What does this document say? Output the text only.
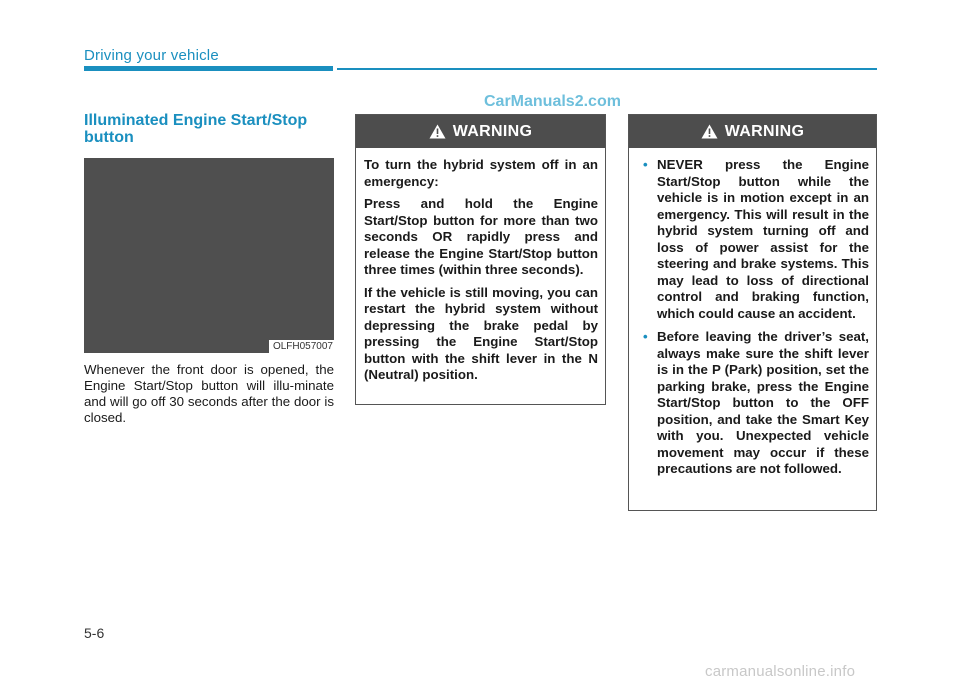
Driving your vehicle
CarManuals2.com
Illuminated Engine Start/Stop button
OLFH057007
Whenever the front door is opened, the Engine Start/Stop button will illu-minate and will go off 30 seconds after the door is closed.
WARNING

To turn the hybrid system off in an emergency:

Press and hold the Engine Start/Stop button for more than two seconds OR rapidly press and release the Engine Start/Stop button three times (within three seconds).

If the vehicle is still moving, you can restart the hybrid system without depressing the brake pedal by pressing the Engine Start/Stop button with the shift lever in the N (Neutral) position.

WARNING
• NEVER press the Engine Start/Stop button while the vehicle is in motion except in an emergency. This will result in the hybrid system turning off and loss of power assist for the steering and brake systems. This may lead to loss of directional control and braking function, which could cause an accident.
• Before leaving the driver’s seat, always make sure the shift lever is in the P (Park) position, set the parking brake, press the Engine Start/Stop button to the OFF position, and take the Smart Key with you. Unexpected vehicle movement may occur if these precautions are not followed.
5-6
carmanualsonline.info
